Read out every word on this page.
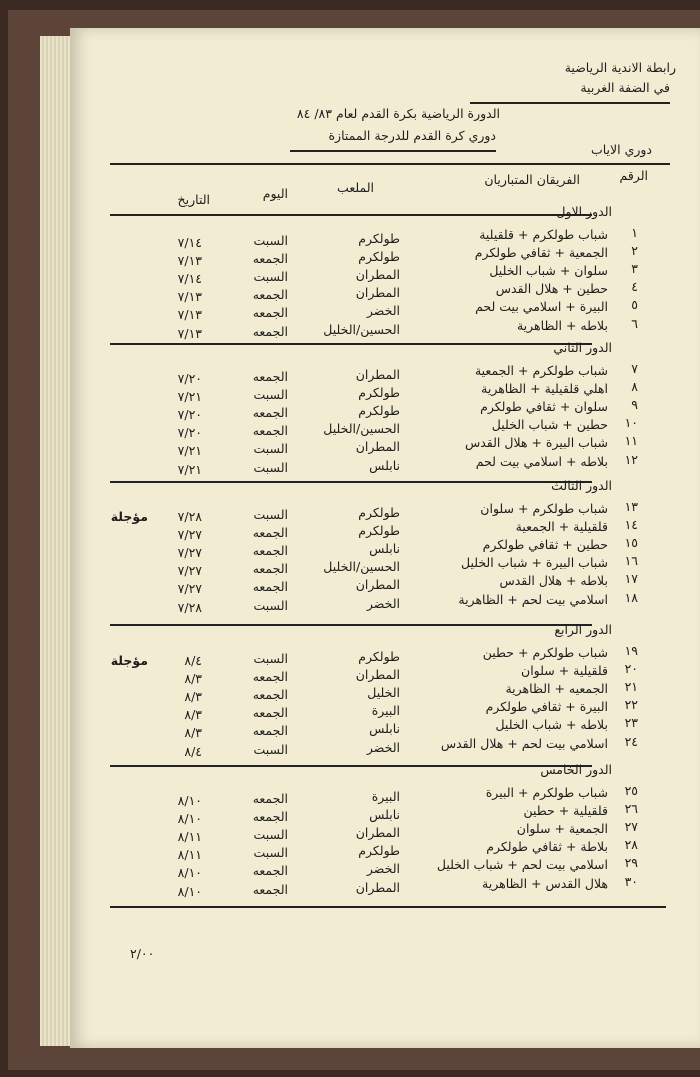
رابطة الاندية الرياضية
في الضفة الغربية
الدورة الرياضية بكرة القدم لعام ٨٣/ ٨٤
دوري كرة القدم للدرجة الممتازة
دوري الاياب
الرقم
الفريقان المتباريان
الملعب
اليوم
التاريخ
الدور الاول
١
شباب طولكرم + قلقيلية
طولكرم
السبت
٧/١٤
٢
الجمعية + ثقافي طولكرم
طولكرم
الجمعه
٧/١٣
٣
سلوان + شباب الخليل
المطران
السبت
٧/١٤
٤
حطين + هلال القدس
المطران
الجمعه
٧/١٣
٥
البيرة + اسلامي بيت لحم
الخضر
الجمعه
٧/١٣
٦
بلاطه + الظاهرية
الحسين/الخليل
الجمعه
٧/١٣
الدور الثاني
٧
شباب طولكرم + الجمعية
المطران
الجمعه
٧/٢٠
٨
اهلي قلقيلية + الظاهرية
طولكرم
السبت
٧/٢١
٩
سلوان + ثقافي طولكرم
طولكرم
الجمعه
٧/٢٠
١٠
حطين + شباب الخليل
الحسين/الخليل
الجمعه
٧/٢٠
١١
شباب البيرة + هلال القدس
المطران
السبت
٧/٢١
١٢
بلاطه + اسلامي بيت لحم
نابلس
السبت
٧/٢١
الدور الثالث
١٣
شباب طولكرم + سلوان
طولكرم
السبت
٧/٢٨
مؤجلة
١٤
قلقيلية + الجمعية
طولكرم
الجمعه
٧/٢٧
١٥
حطين + ثقافي طولكرم
نابلس
الجمعه
٧/٢٧
١٦
شباب البيرة + شباب الخليل
الحسين/الخليل
الجمعه
٧/٢٧
١٧
بلاطه + هلال القدس
المطران
الجمعه
٧/٢٧
١٨
اسلامي بيت لحم + الظاهرية
الخضر
السبت
٧/٢٨
الدور الرابع
١٩
شباب طولكرم + حطين
طولكرم
السبت
٨/٤
مؤجلة
٢٠
قلقيلية + سلوان
المطران
الجمعه
٨/٣
٢١
الجمعيه + الظاهرية
الخليل
الجمعه
٨/٣
٢٢
البيرة + ثقافي طولكرم
البيرة
الجمعه
٨/٣
٢٣
بلاطه + شباب الخليل
نابلس
الجمعه
٨/٣
٢٤
اسلامي بيت لحم + هلال القدس
الخضر
السبت
٨/٤
الدور الخامس
٢٥
شباب طولكرم + البيرة
البيرة
الجمعه
٨/١٠
٢٦
قلقيلية + حطين
نابلس
الجمعه
٨/١٠
٢٧
الجمعية + سلوان
المطران
السبت
٨/١١
٢٨
بلاطة + ثقافي طولكرم
طولكرم
السبت
٨/١١
٢٩
اسلامي بيت لحم + شباب الخليل
الخضر
الجمعه
٨/١٠
٣٠
هلال القدس + الظاهرية
المطران
الجمعه
٨/١٠
٢/٠٠
